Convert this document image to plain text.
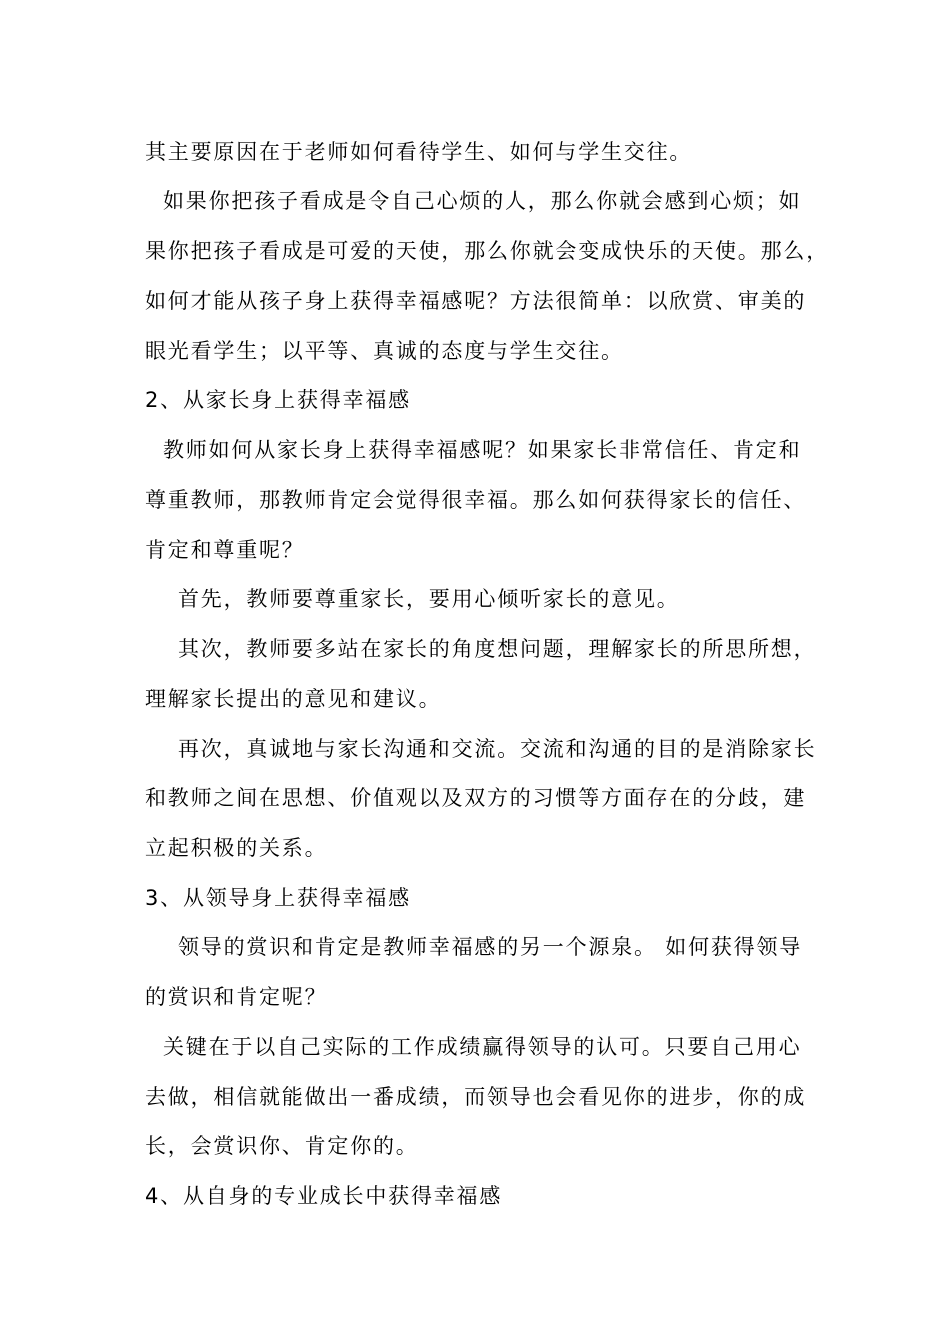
其主要原因在于老师如何看待学生、如何与学生交往。
如果你把孩子看成是令自己心烦的人，那么你就会感到心烦；如
果你把孩子看成是可爱的天使，那么你就会变成快乐的天使。那么，
如何才能从孩子身上获得幸福感呢？方法很简单：以欣赏、审美的
眼光看学生；以平等、真诚的态度与学生交往。
2、从家长身上获得幸福感
教师如何从家长身上获得幸福感呢？如果家长非常信任、肯定和
尊重教师，那教师肯定会觉得很幸福。那么如何获得家长的信任、
肯定和尊重呢？
首先，教师要尊重家长，要用心倾听家长的意见。
其次，教师要多站在家长的角度想问题，理解家长的所思所想，
理解家长提出的意见和建议。
再次，真诚地与家长沟通和交流。交流和沟通的目的是消除家长
和教师之间在思想、价值观以及双方的习惯等方面存在的分歧，建
立起积极的关系。
3、从领导身上获得幸福感
领导的赏识和肯定是教师幸福感的另一个源泉。 如何获得领导
的赏识和肯定呢？
关键在于以自己实际的工作成绩赢得领导的认可。只要自己用心
去做，相信就能做出一番成绩，而领导也会看见你的进步，你的成
长，会赏识你、肯定你的。
4、从自身的专业成长中获得幸福感
